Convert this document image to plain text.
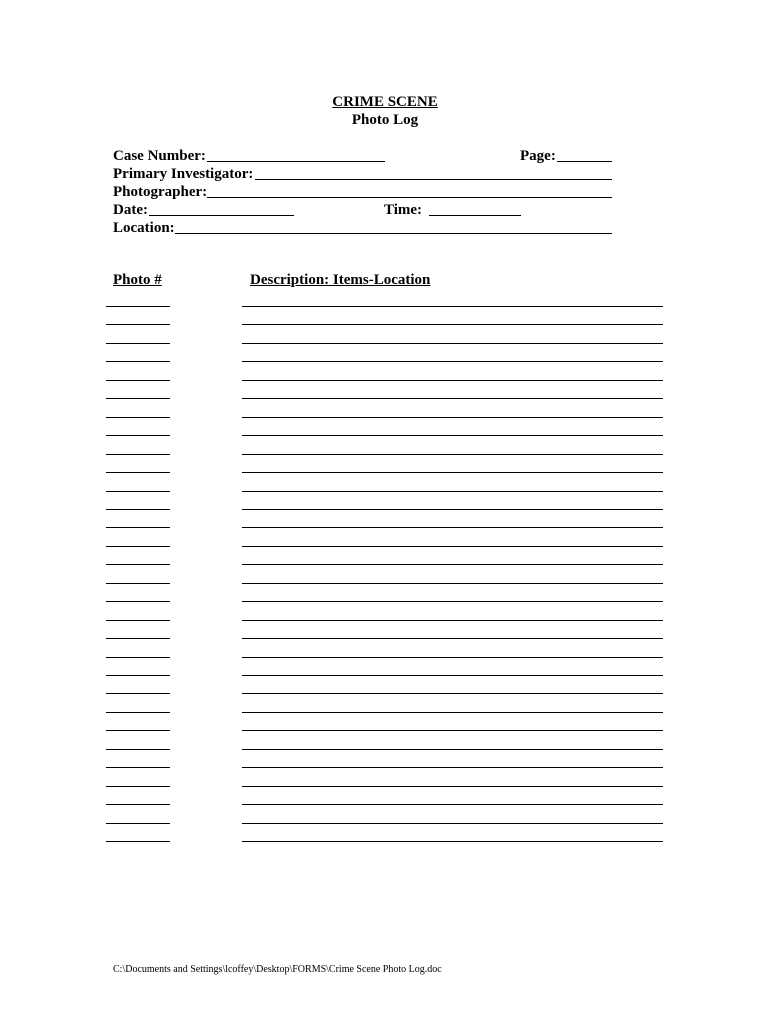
CRIME SCENE
Photo Log
Case Number:	Page:
Primary Investigator:
Photographer:
Date:	Time:
Location:
Photo #	Description: Items-Location
C:\Documents and Settings\lcoffey\Desktop\FORMS\Crime Scene Photo Log.doc
